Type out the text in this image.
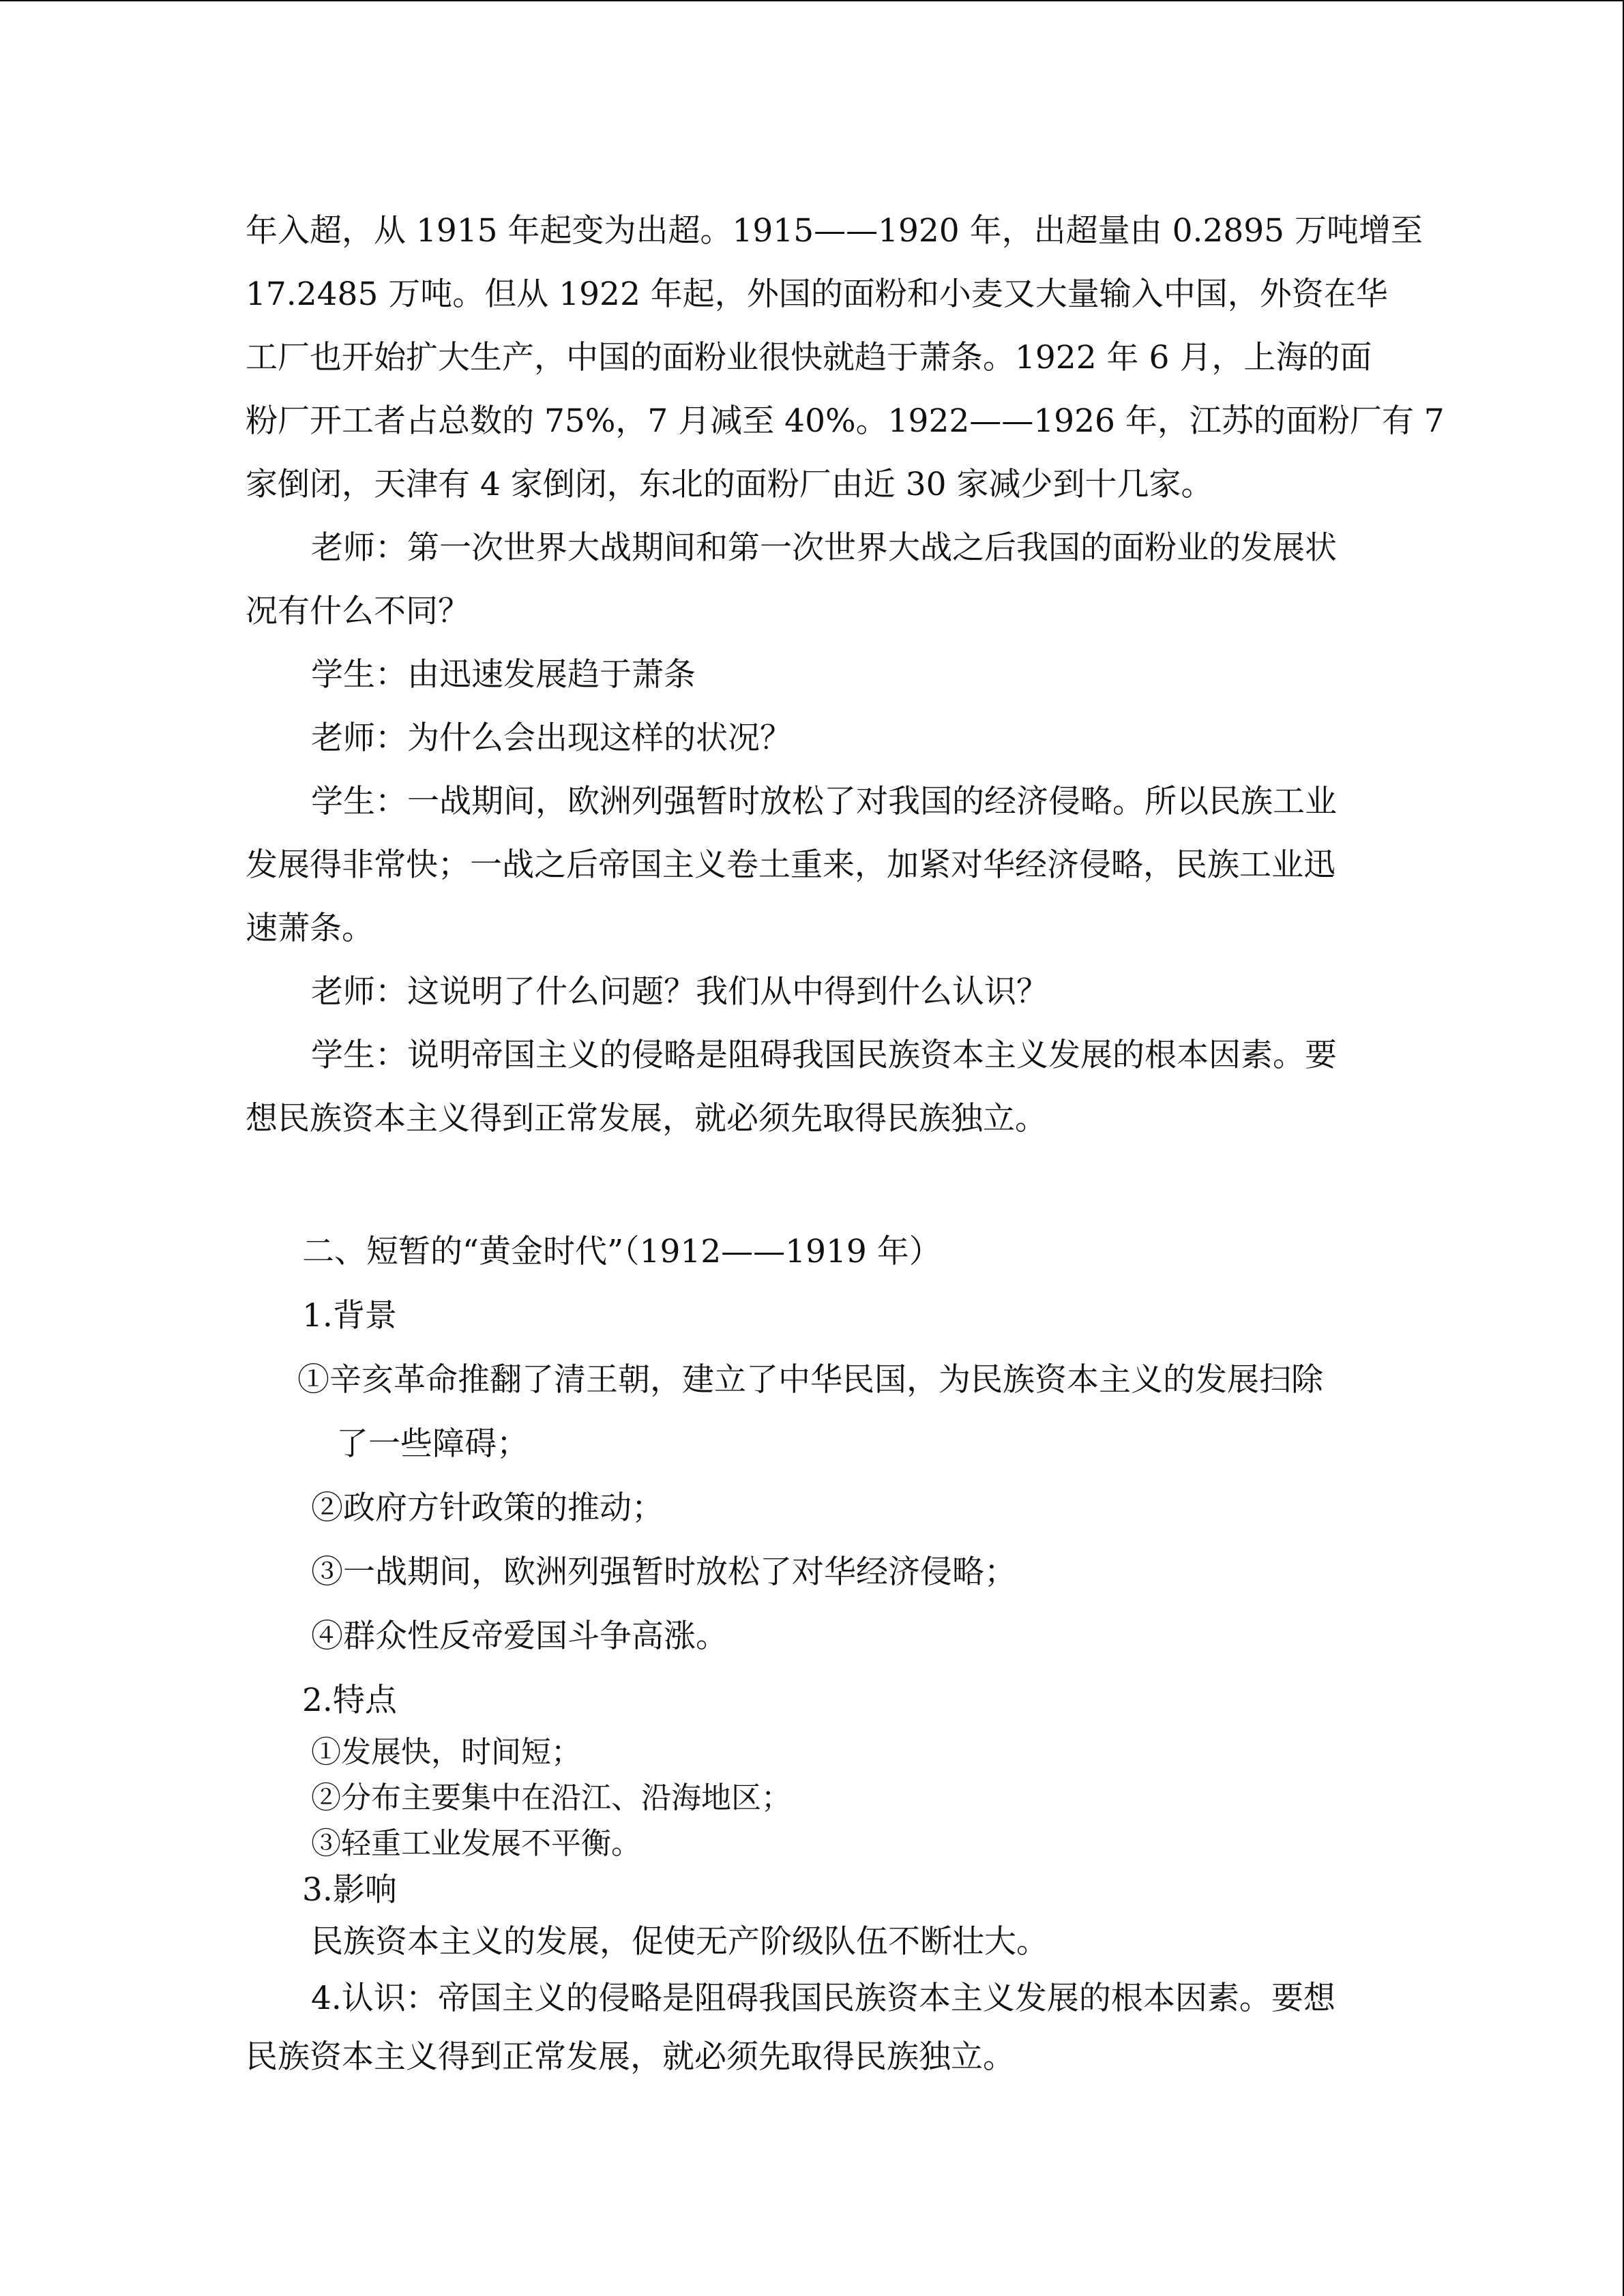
年入超，从 1915 年起变为出超。1915——1920 年，出超量由 0.2895 万吨增至

17.2485 万吨。但从 1922 年起，外国的面粉和小麦又大量输入中国，外资在华

工厂也开始扩大生产，中国的面粉业很快就趋于萧条。1922 年 6 月，上海的面

粉厂开工者占总数的 75%，7 月减至 40%。1922——1926 年，江苏的面粉厂有 7

家倒闭，天津有 4 家倒闭，东北的面粉厂由近 30 家减少到十几家。

老师：第一次世界大战期间和第一次世界大战之后我国的面粉业的发展状

况有什么不同？

学生：由迅速发展趋于萧条

老师：为什么会出现这样的状况？

学生：一战期间，欧洲列强暂时放松了对我国的经济侵略。所以民族工业

发展得非常快；一战之后帝国主义卷土重来，加紧对华经济侵略，民族工业迅

速萧条。

老师：这说明了什么问题？我们从中得到什么认识？

学生：说明帝国主义的侵略是阻碍我国民族资本主义发展的根本因素。要

想民族资本主义得到正常发展，就必须先取得民族独立。

二、短暂的“黄金时代”（1912——1919 年）

1.背景

①辛亥革命推翻了清王朝，建立了中华民国，为民族资本主义的发展扫除

了一些障碍；

②政府方针政策的推动；

③一战期间，欧洲列强暂时放松了对华经济侵略；

④群众性反帝爱国斗争高涨。

2.特点

①发展快，时间短；

②分布主要集中在沿江、沿海地区；

③轻重工业发展不平衡。

3.影响

民族资本主义的发展，促使无产阶级队伍不断壮大。

4.认识：帝国主义的侵略是阻碍我国民族资本主义发展的根本因素。要想

民族资本主义得到正常发展，就必须先取得民族独立。
